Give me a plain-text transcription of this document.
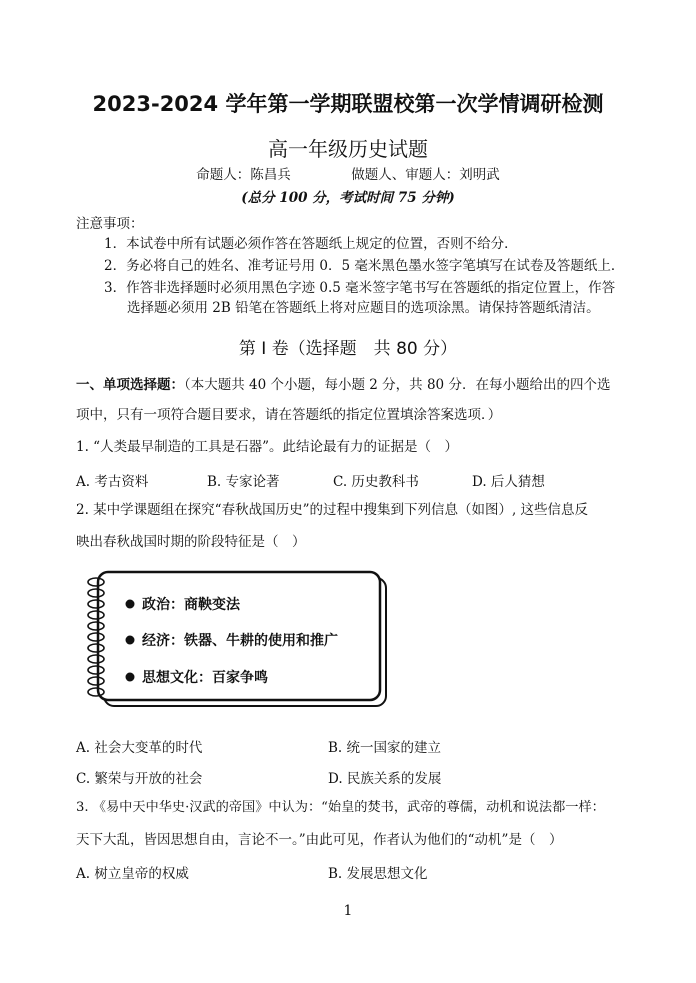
2023-2024 学年第一学期联盟校第一次学情调研检测
高一年级历史试题
命题人：陈昌兵	做题人、审题人：刘明武
(总分 100 分，考试时间 75 分钟)
注意事项：
1．本试卷中所有试题必须作答在答题纸上规定的位置，否则不给分．
2．务必将自己的姓名、准考证号用 0．5 毫米黑色墨水签字笔填写在试卷及答题纸上．
3．作答非选择题时必须用黑色字迹 0.5 毫米签字笔书写在答题纸的指定位置上，作答
选择题必须用 2B 铅笔在答题纸上将对应题目的选项涂黑。请保持答题纸清洁。
第 I 卷（选择题　共 80 分）
一、单项选择题：（本大题共 40 个小题，每小题 2 分，共 80 分．在每小题给出的四个选
项中，只有一项符合题目要求，请在答题纸的指定位置填涂答案选项．）
1. “人类最早制造的工具是石器”。此结论最有力的证据是（　）
A. 考古资料	B. 专家论著	C. 历史教科书	D. 后人猜想
2. 某中学课题组在探究“春秋战国历史”的过程中搜集到下列信息（如图）, 这些信息反
映出春秋战国时期的阶段特征是（　）
政治：商鞅变法
经济：铁器、牛耕的使用和推广
思想文化：百家争鸣
A. 社会大变革的时代	B. 统一国家的建立
C. 繁荣与开放的社会	D. 民族关系的发展
3. 《易中天中华史·汉武的帝国》中认为：“始皇的焚书，武帝的尊儒，动机和说法都一样：
天下大乱，皆因思想自由，言论不一。”由此可见，作者认为他们的“动机”是（　）
A. 树立皇帝的权威	B. 发展思想文化
1
